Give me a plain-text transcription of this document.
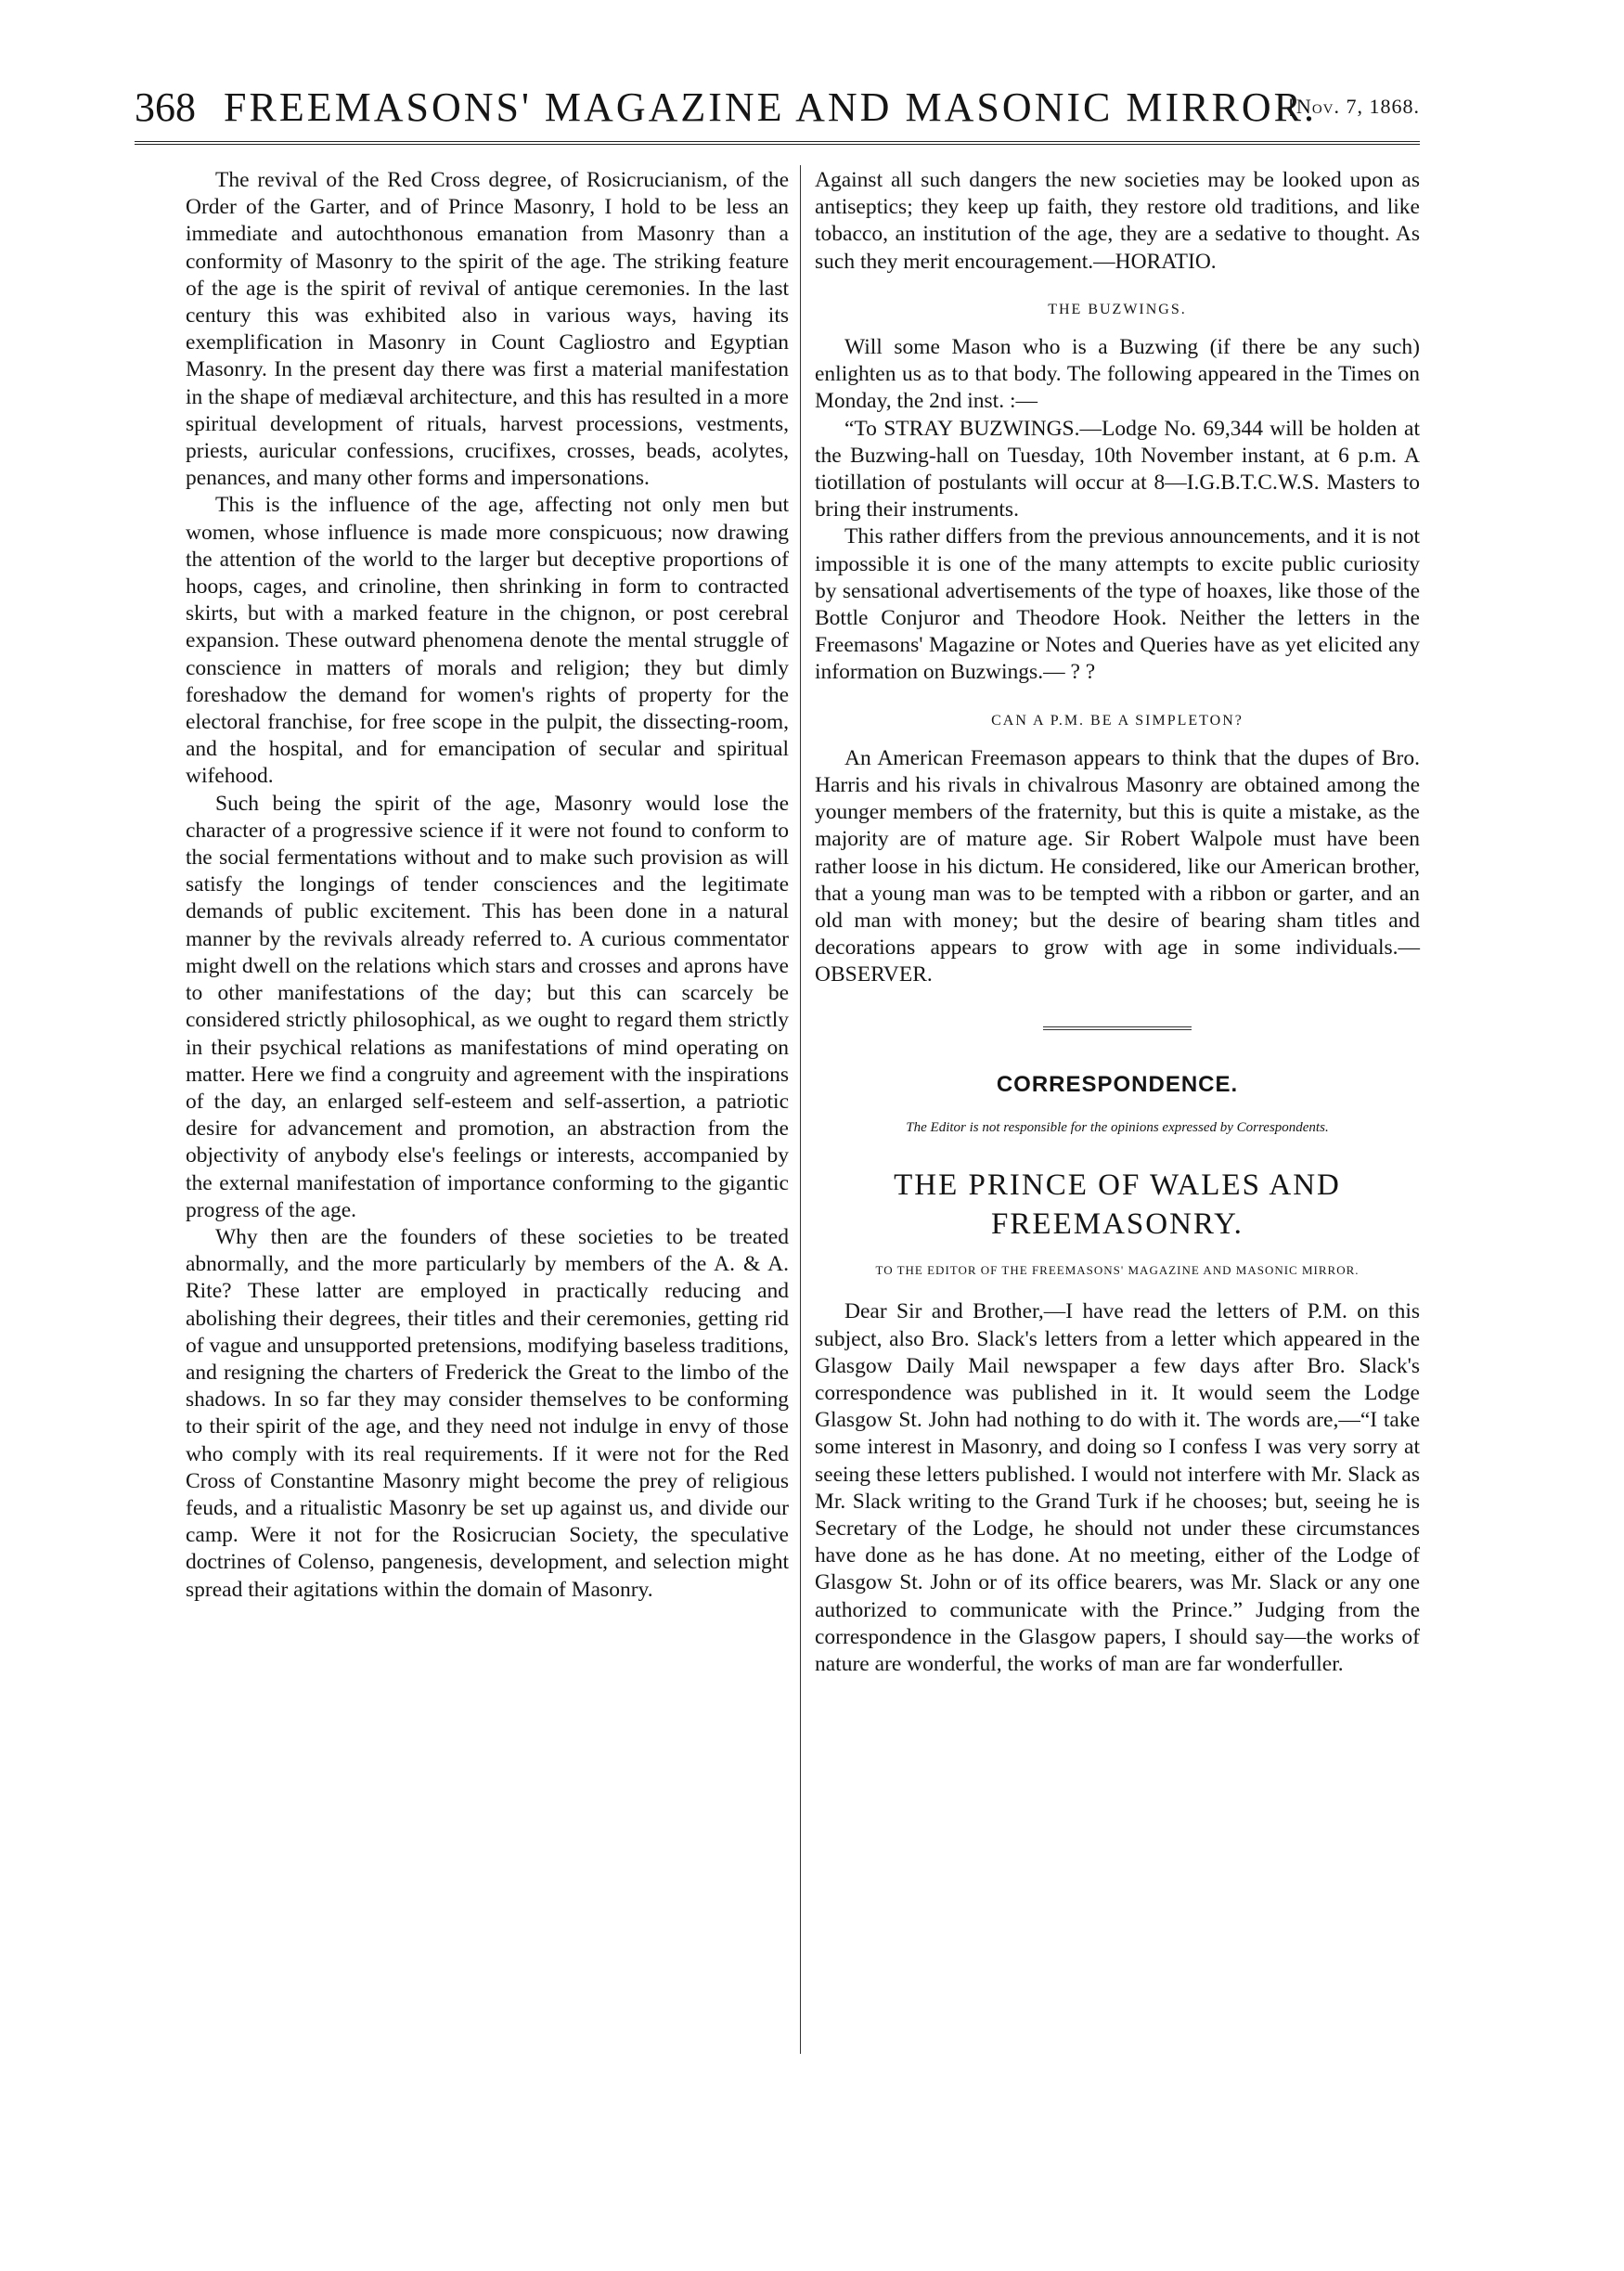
368 FREEMASONS' MAGAZINE AND MASONIC MIRROR.
[Nov. 7, 1868.

The revival of the Red Cross degree, of Rosicrucianism, of the Order of the Garter, and of Prince Masonry, I hold to be less an immediate and autochthonous emanation from Masonry than a conformity of Masonry to the spirit of the age. The striking feature of the age is the spirit of revival of antique ceremonies. In the last century this was exhibited also in various ways, having its exemplification in Masonry in Count Cagliostro and Egyptian Masonry. In the present day there was first a material manifestation in the shape of mediæval architecture, and this has resulted in a more spiritual development of rituals, harvest processions, vestments, priests, auricular confessions, crucifixes, crosses, beads, acolytes, penances, and many other forms and impersonations.

This is the influence of the age, affecting not only men but women, whose influence is made more conspicuous; now drawing the attention of the world to the larger but deceptive proportions of hoops, cages, and crinoline, then shrinking in form to contracted skirts, but with a marked feature in the chignon, or post cerebral expansion. These outward phenomena denote the mental struggle of conscience in matters of morals and religion; they but dimly foreshadow the demand for women's rights of property for the electoral franchise, for free scope in the pulpit, the dissecting-room, and the hospital, and for emancipation of secular and spiritual wifehood.

Such being the spirit of the age, Masonry would lose the character of a progressive science if it were not found to conform to the social fermentations without and to make such provision as will satisfy the longings of tender consciences and the legitimate demands of public excitement. This has been done in a natural manner by the revivals already referred to. A curious commentator might dwell on the relations which stars and crosses and aprons have to other manifestations of the day; but this can scarcely be considered strictly philosophical, as we ought to regard them strictly in their psychical relations as manifestations of mind operating on matter. Here we find a congruity and agreement with the inspirations of the day, an enlarged self-esteem and self-assertion, a patriotic desire for advancement and promotion, an abstraction from the objectivity of anybody else's feelings or interests, accompanied by the external manifestation of importance conforming to the gigantic progress of the age.

Why then are the founders of these societies to be treated abnormally, and the more particularly by members of the A. & A. Rite? These latter are employed in practically reducing and abolishing their degrees, their titles and their ceremonies, getting rid of vague and unsupported pretensions, modifying baseless traditions, and resigning the charters of Frederick the Great to the limbo of the shadows. In so far they may consider themselves to be conforming to their spirit of the age, and they need not indulge in envy of those who comply with its real requirements. If it were not for the Red Cross of Constantine Masonry might become the prey of religious feuds, and a ritualistic Masonry be set up against us, and divide our camp. Were it not for the Rosicrucian Society, the speculative doctrines of Colenso, pangenesis, development, and selection might spread their agitations within the domain of Masonry.

Against all such dangers the new societies may be looked upon as antiseptics; they keep up faith, they restore old traditions, and like tobacco, an institution of the age, they are a sedative to thought. As such they merit encouragement.—HORATIO.

THE BUZWINGS.

Will some Mason who is a Buzwing (if there be any such) enlighten us as to that body. The following appeared in the Times on Monday, the 2nd inst. :—

“To STRAY BUZWINGS.—Lodge No. 69,344 will be holden at the Buzwing-hall on Tuesday, 10th November instant, at 6 p.m. A tiotillation of postulants will occur at 8—I.G.B.T.C.W.S. Masters to bring their instruments.

This rather differs from the previous announcements, and it is not impossible it is one of the many attempts to excite public curiosity by sensational advertisements of the type of hoaxes, like those of the Bottle Conjuror and Theodore Hook. Neither the letters in the Freemasons' Magazine or Notes and Queries have as yet elicited any information on Buzwings.— ? ?

CAN A P.M. BE A SIMPLETON?

An American Freemason appears to think that the dupes of Bro. Harris and his rivals in chivalrous Masonry are obtained among the younger members of the fraternity, but this is quite a mistake, as the majority are of mature age. Sir Robert Walpole must have been rather loose in his dictum. He considered, like our American brother, that a young man was to be tempted with a ribbon or garter, and an old man with money; but the desire of bearing sham titles and decorations appears to grow with age in some individuals.—OBSERVER.

CORRESPONDENCE.
The Editor is not responsible for the opinions expressed by Correspondents.
THE PRINCE OF WALES AND FREEMASONRY.
TO THE EDITOR OF THE FREEMASONS' MAGAZINE AND MASONIC MIRROR.

Dear Sir and Brother,—I have read the letters of P.M. on this subject, also Bro. Slack's letters from a letter which appeared in the Glasgow Daily Mail newspaper a few days after Bro. Slack's correspondence was published in it. It would seem the Lodge Glasgow St. John had nothing to do with it. The words are,—“I take some interest in Masonry, and doing so I confess I was very sorry at seeing these letters published. I would not interfere with Mr. Slack as Mr. Slack writing to the Grand Turk if he chooses; but, seeing he is Secretary of the Lodge, he should not under these circumstances have done as he has done. At no meeting, either of the Lodge of Glasgow St. John or of its office bearers, was Mr. Slack or any one authorized to communicate with the Prince.” Judging from the correspondence in the Glasgow papers, I should say—the works of nature are wonderful, the works of man are far wonderfuller.
